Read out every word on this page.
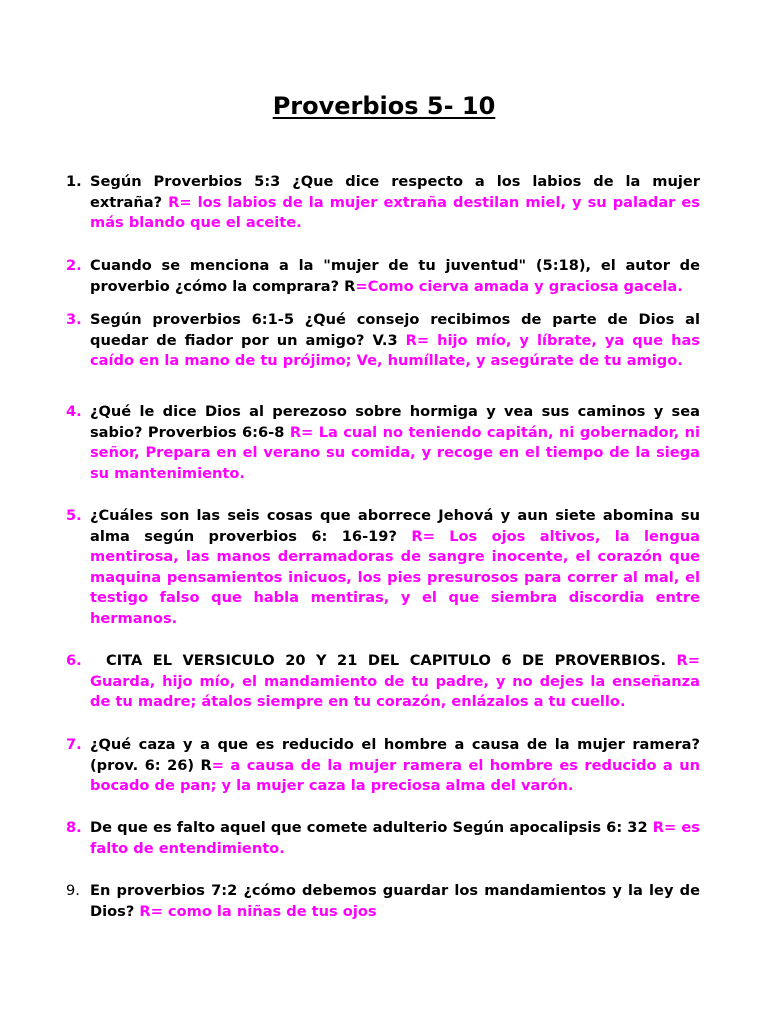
Proverbios 5- 10
1. Según Proverbios 5:3 ¿Que dice respecto a los labios de la mujer extraña? R= los labios de la mujer extraña destilan miel, y su paladar es más blando que el aceite.
2. Cuando se menciona a la "mujer de tu juventud" (5:18), el autor de proverbio ¿cómo la comprara? R=Como cierva amada y graciosa gacela.
3. Según proverbios 6:1-5 ¿Qué consejo recibimos de parte de Dios al quedar de fiador por un amigo? V.3 R= hijo mío, y líbrate, ya que has caído en la mano de tu prójimo; Ve, humíllate, y asegúrate de tu amigo.
4. ¿Qué le dice Dios al perezoso sobre hormiga y vea sus caminos y sea sabio? Proverbios 6:6-8 R= La cual no teniendo capitán, ni gobernador, ni señor, Prepara en el verano su comida, y recoge en el tiempo de la siega su mantenimiento.
5. ¿Cuáles son las seis cosas que aborrece Jehová y aun siete abomina su alma según proverbios 6: 16-19? R= Los ojos altivos, la lengua mentirosa, las manos derramadoras de sangre inocente, el corazón que maquina pensamientos inicuos, los pies presurosos para correr al mal, el testigo falso que habla mentiras, y el que siembra discordia entre hermanos.
6.	CITA EL VERSICULO 20 Y 21 DEL CAPITULO 6 DE PROVERBIOS. R= Guarda, hijo mío, el mandamiento de tu padre, y no dejes la enseñanza de tu madre; átalos siempre en tu corazón, enlázalos a tu cuello.
7. ¿Qué caza y a que es reducido el hombre a causa de la mujer ramera? (prov. 6: 26) R= a causa de la mujer ramera el hombre es reducido a un bocado de pan; y la mujer caza la preciosa alma del varón.
8. De que es falto aquel que comete adulterio Según apocalipsis 6: 32 R= es falto de entendimiento.
9. En proverbios 7:2 ¿cómo debemos guardar los mandamientos y la ley de Dios? R= como la niñas de tus ojos
